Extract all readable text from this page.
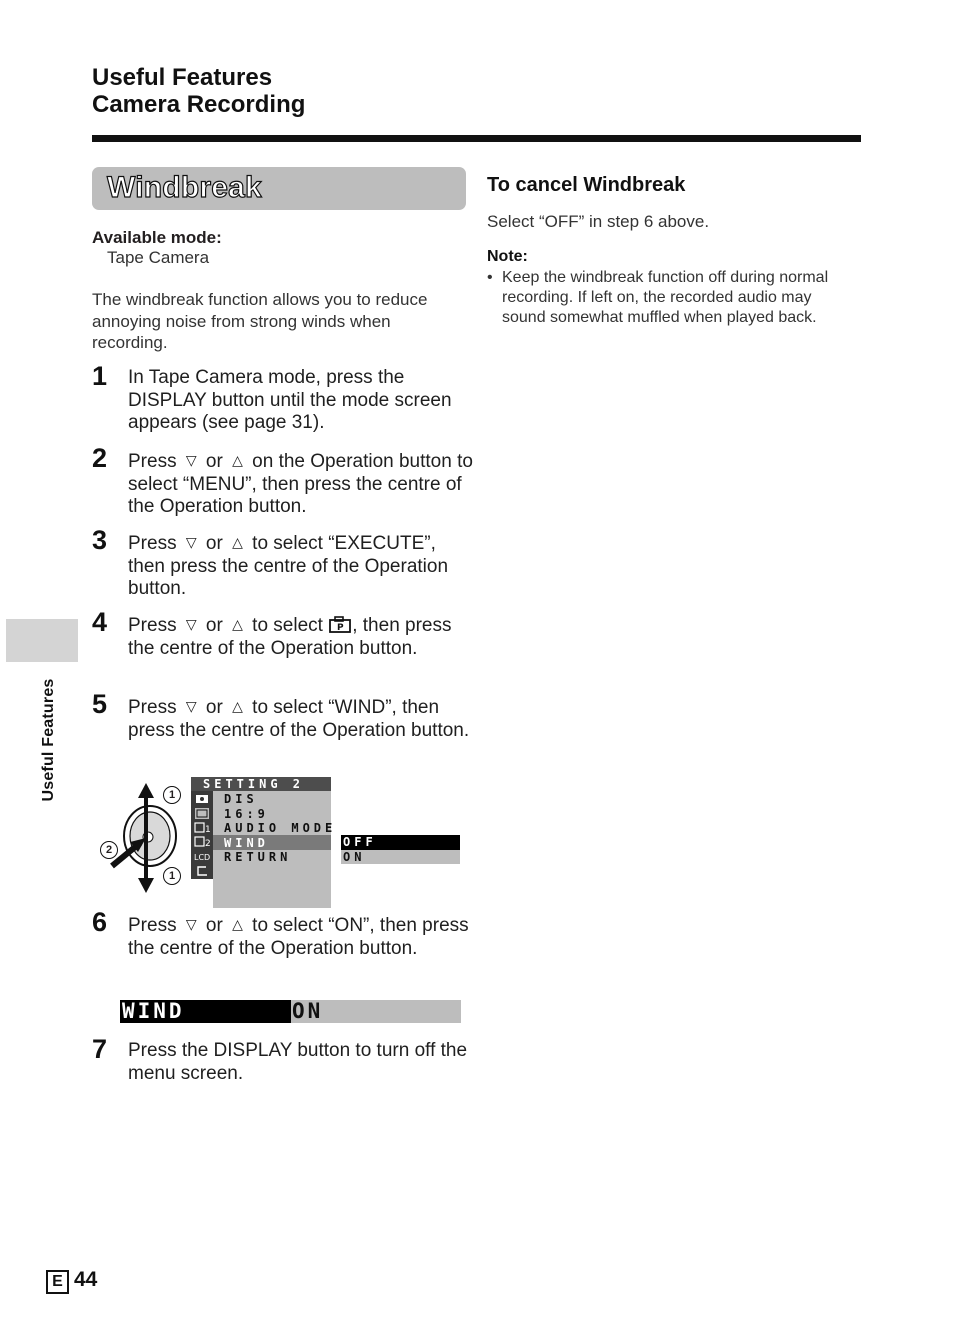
Useful Features
Camera Recording
Useful Features
Windbreak
Available mode:
Tape Camera
The windbreak function allows you to reduce annoying noise from strong winds when recording.
1 In Tape Camera mode, press the DISPLAY button until the mode screen appears (see page 31).
2 Press ▽ or △ on the Operation button to select “MENU”, then press the centre of the Operation button.
3 Press ▽ or △ to select “EXECUTE”, then press the centre of the Operation button.
4 Press ▽ or △ to select P , then press the centre of the Operation button.
5 Press ▽ or △ to select “WIND”, then press the centre of the Operation button.
1
2
1
SETTING 2
1
2
LCD
DIS
16:9
AUDIO MODE
WIND
RETURN
OFF
ON
6 Press ▽ or △ to select “ON”, then press the centre of the Operation button.
WIND	ON
7 Press the DISPLAY button to turn off the menu screen.
To cancel Windbreak
Select “OFF” in step 6 above.
Note:
• Keep the windbreak function off during normal recording. If left on, the recorded audio may sound somewhat muffled when played back.
E 44
